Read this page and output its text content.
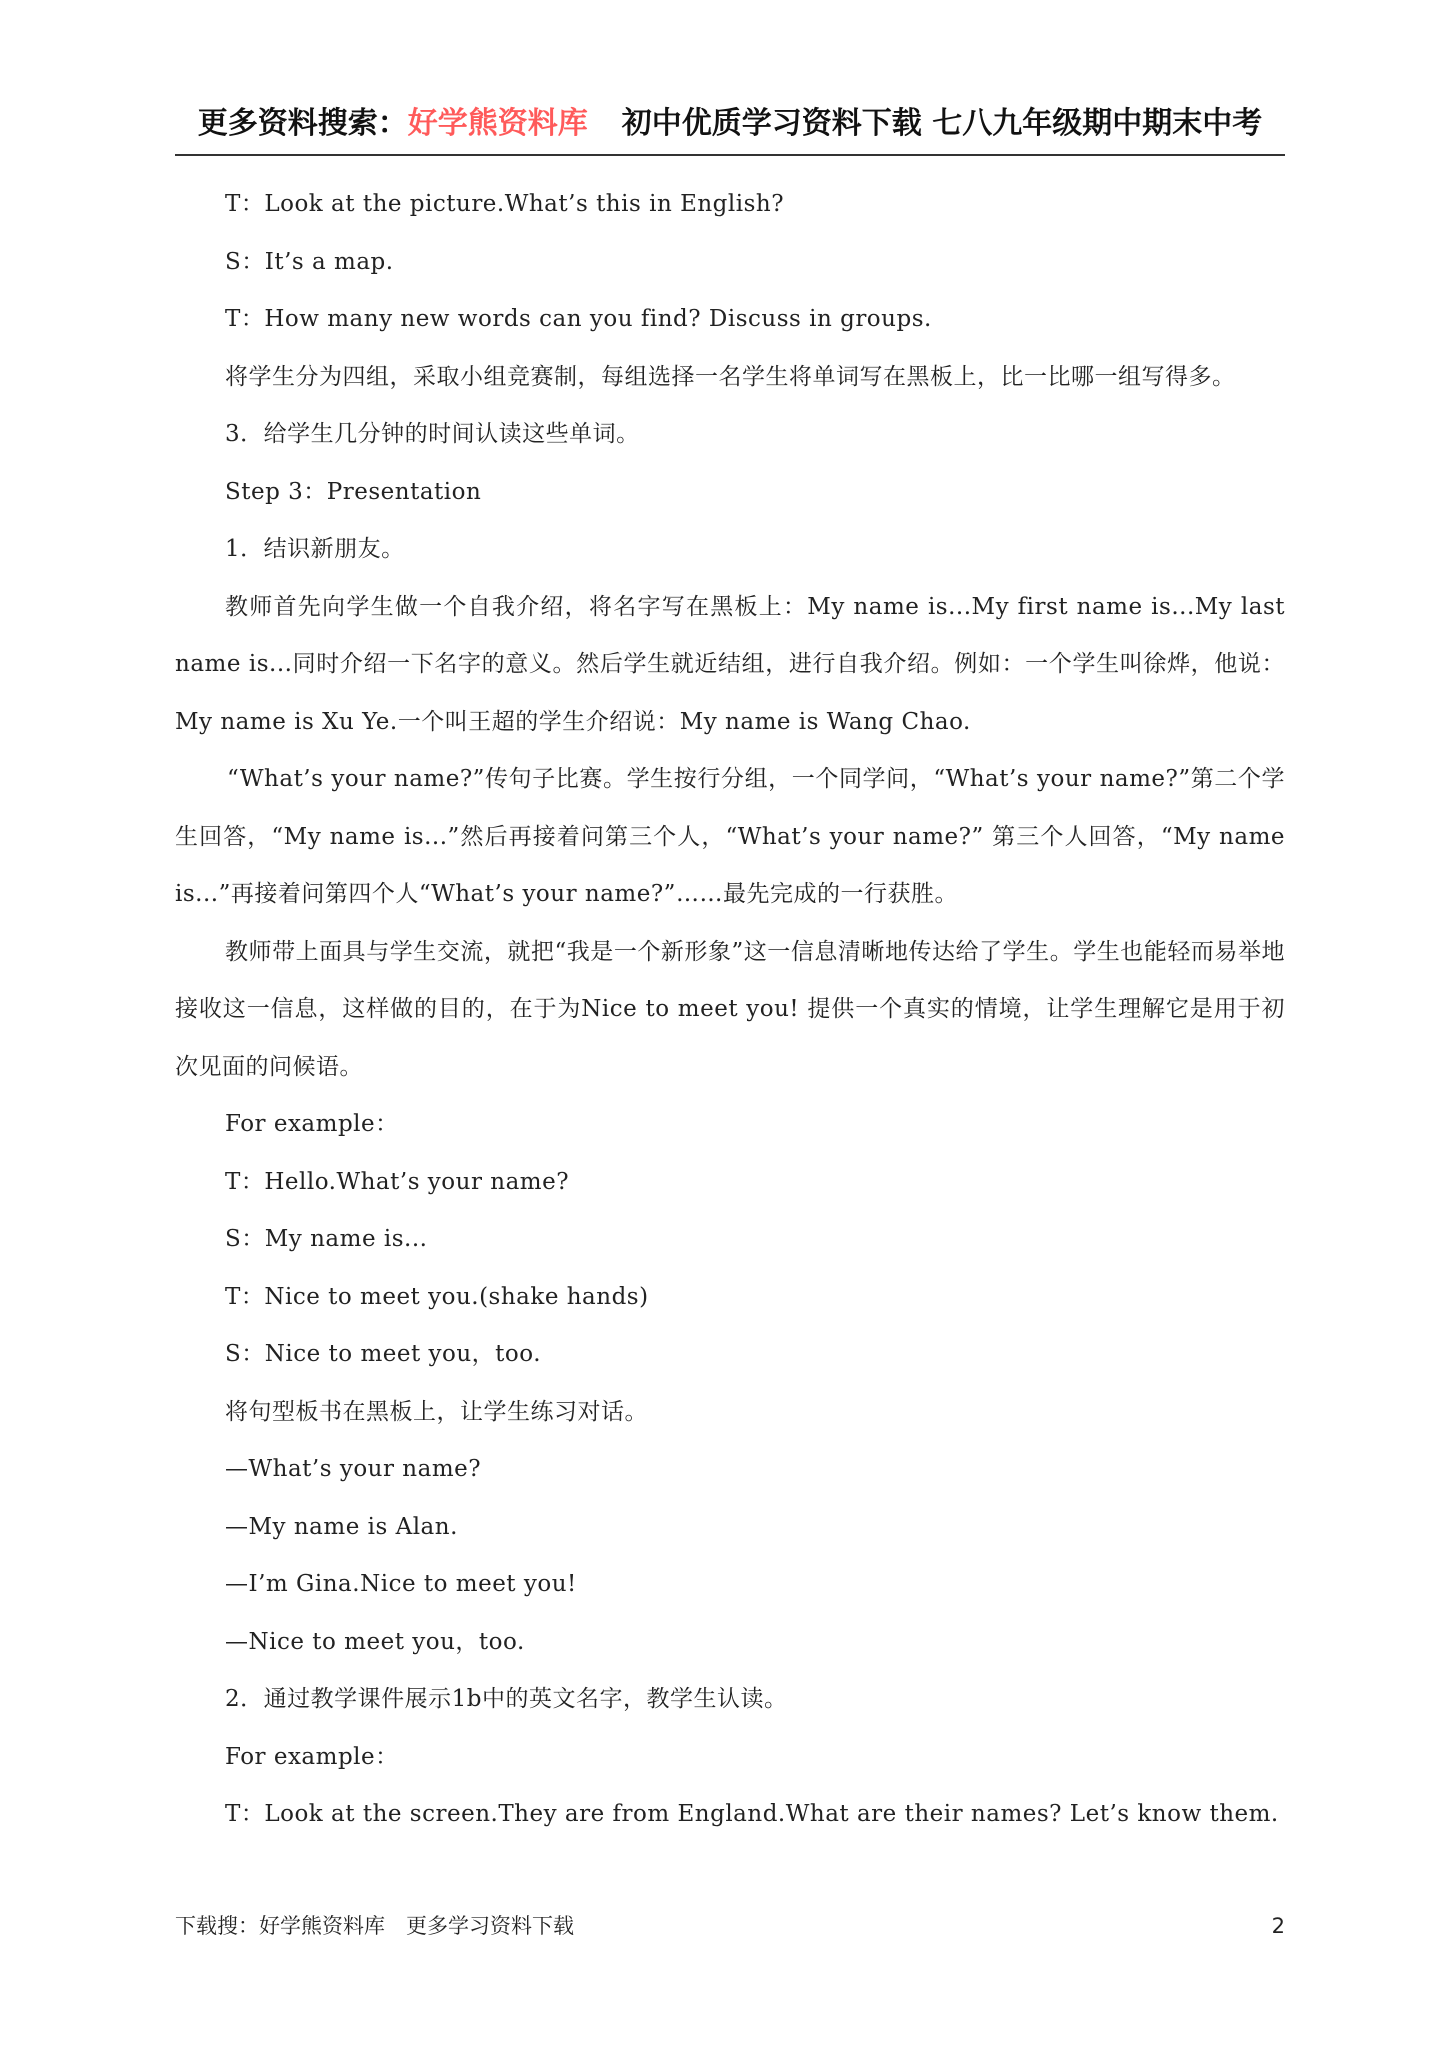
更多资料搜索：好学熊资料库 初中优质学习资料下载 七八九年级期中期末中考

T：Look at the picture.What’s this in English?

S：It’s a map.

T：How many new words can you find? Discuss in groups.

将学生分为四组，采取小组竞赛制，每组选择一名学生将单词写在黑板上，比一比哪一组写得多。

3．给学生几分钟的时间认读这些单词。

Step 3：Presentation

1．结识新朋友。

教师首先向学生做一个自我介绍，将名字写在黑板上：My name is...My first name is...My last name is...同时介绍一下名字的意义。然后学生就近结组，进行自我介绍。例如：一个学生叫徐烨，他说：My name is Xu Ye.一个叫王超的学生介绍说：My name is Wang Chao.

“What’s your name?”传句子比赛。学生按行分组，一个同学问，“What’s your name?”第二个学生回答，“My name is...”然后再接着问第三个人，“What’s your name?” 第三个人回答，“My name is...”再接着问第四个人“What’s your name?”……最先完成的一行获胜。

教师带上面具与学生交流，就把“我是一个新形象”这一信息清晰地传达给了学生。学生也能轻而易举地接收这一信息，这样做的目的，在于为Nice to meet you! 提供一个真实的情境，让学生理解它是用于初次见面的问候语。

For example：

T：Hello.What’s your name?

S：My name is...

T：Nice to meet you.(shake hands)

S：Nice to meet you，too.

将句型板书在黑板上，让学生练习对话。

—What’s your name?

—My name is Alan.

—I’m Gina.Nice to meet you!

—Nice to meet you，too.

2．通过教学课件展示1b中的英文名字，教学生认读。

For example：

T：Look at the screen.They are from England.What are their names? Let’s know them.

下载搜：好学熊资料库　更多学习资料下载	2
